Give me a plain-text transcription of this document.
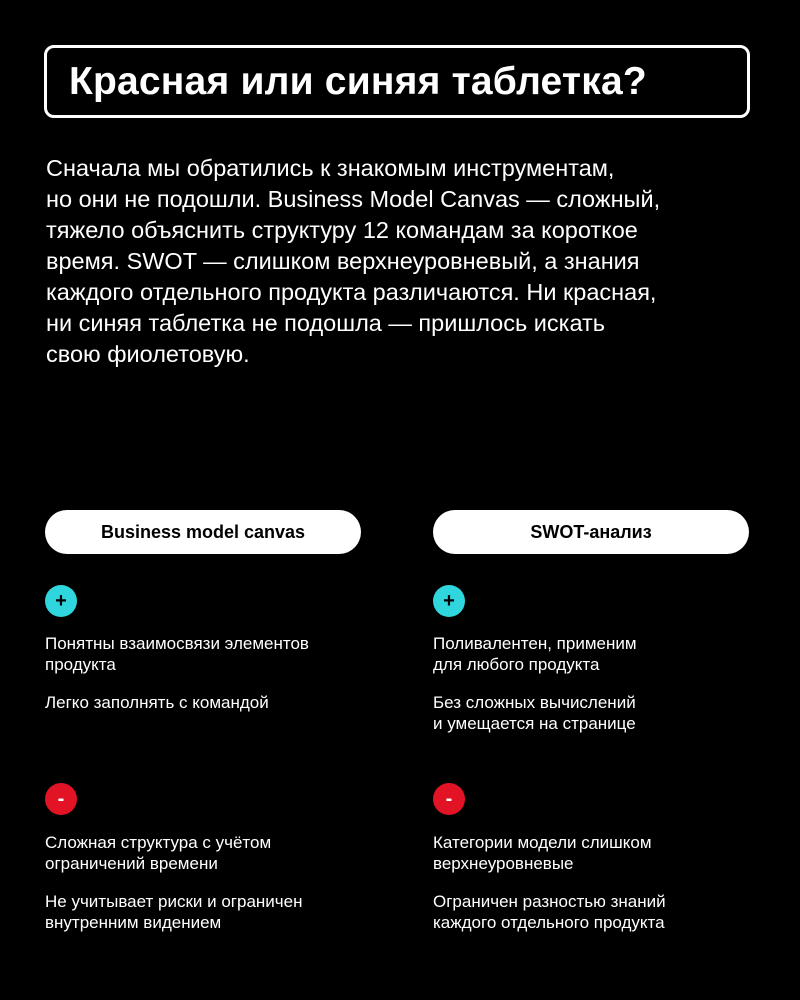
Красная или синяя таблетка?

Сначала мы обратились к знакомым инструментам,
но они не подошли. Business Model Canvas — сложный,
тяжело объяснить структуру 12 командам за короткое
время. SWOT — слишком верхнеуровневый, а знания
каждого отдельного продукта различаются. Ни красная,
ни синяя таблетка не подошла — пришлось искать
свою фиолетовую.

Business model canvas
+
Понятны взаимосвязи элементов
продукта
Легко заполнять с командой
-
Сложная структура с учётом
ограничений времени
Не учитывает риски и ограничен
внутренним видением
SWOT-анализ
+
Поливалентен, применим
для любого продукта
Без сложных вычислений
и умещается на странице
-
Категории модели слишком
верхнеуровневые
Ограничен разностью знаний
каждого отдельного продукта
